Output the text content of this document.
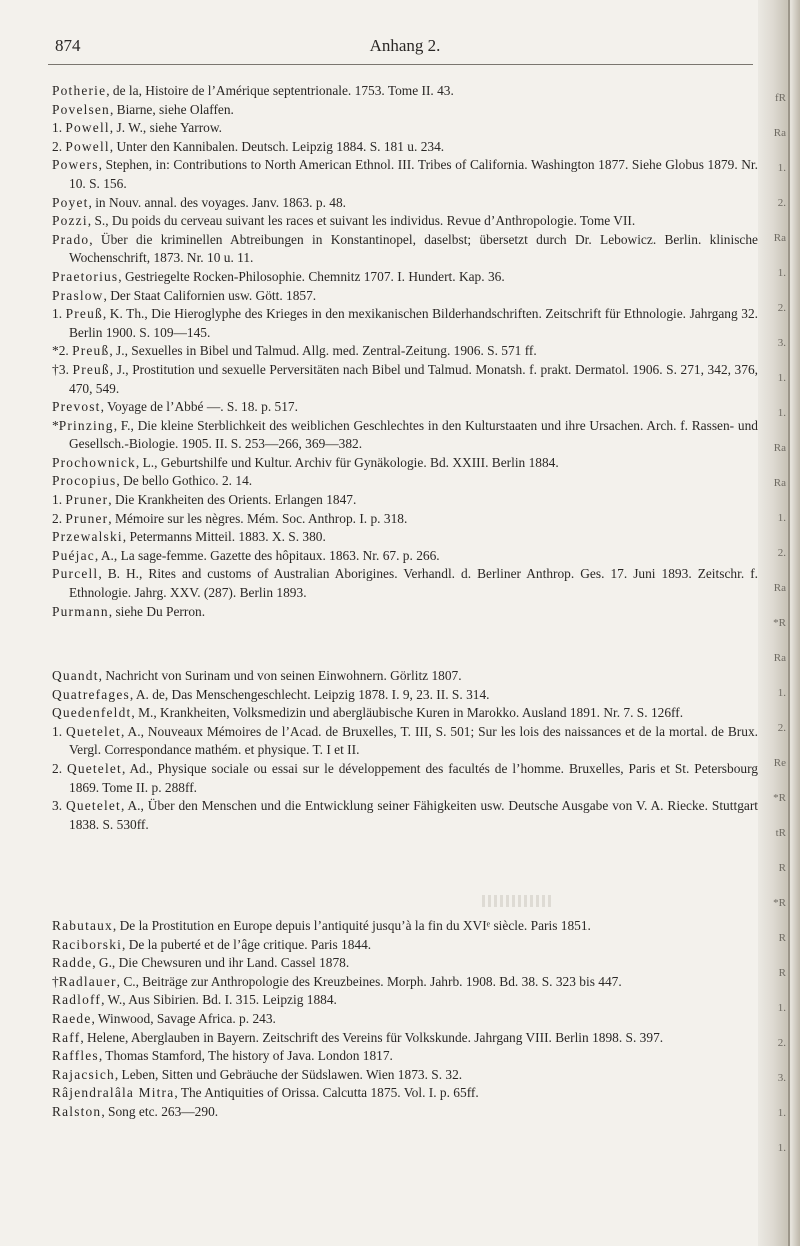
874	Anhang 2.

Potherie, de la, Histoire de l’Amérique septentrionale. 1753. Tome II. 43.

Povelsen, Biarne, siehe Olaffen.

1. Powell, J. W., siehe Yarrow.

2. Powell, Unter den Kannibalen. Deutsch. Leipzig 1884. S. 181 u. 234.

Powers, Stephen, in: Contributions to North American Ethnol. III. Tribes of California. Washington 1877. Siehe Globus 1879. Nr. 10. S. 156.

Poyet, in Nouv. annal. des voyages. Janv. 1863. p. 48.

Pozzi, S., Du poids du cerveau suivant les races et suivant les individus. Revue d’Anthropologie. Tome VII.

Prado, Über die kriminellen Abtreibungen in Konstantinopel, daselbst; übersetzt durch Dr. Lebowicz. Berlin. klinische Wochenschrift, 1873. Nr. 10 u. 11.

Praetorius, Gestriegelte Rocken-Philosophie. Chemnitz 1707. I. Hundert. Kap. 36.

Praslow, Der Staat Californien usw. Gött. 1857.

1. Preuß, K. Th., Die Hieroglyphe des Krieges in den mexikanischen Bilderhandschriften. Zeitschrift für Ethnologie. Jahrgang 32. Berlin 1900. S. 109—145.

*2. Preuß, J., Sexuelles in Bibel und Talmud. Allg. med. Zentral-Zeitung. 1906. S. 571 ff.

†3. Preuß, J., Prostitution und sexuelle Perversitäten nach Bibel und Talmud. Monatsh. f. prakt. Dermatol. 1906. S. 271, 342, 376, 470, 549.

Prevost, Voyage de l’Abbé —. S. 18. p. 517.

*Prinzing, F., Die kleine Sterblichkeit des weiblichen Geschlechtes in den Kulturstaaten und ihre Ursachen. Arch. f. Rassen- und Gesellsch.-Biologie. 1905. II. S. 253—266, 369—382.

Prochownick, L., Geburtshilfe und Kultur. Archiv für Gynäkologie. Bd. XXIII. Berlin 1884.

Procopius, De bello Gothico. 2. 14.

1. Pruner, Die Krankheiten des Orients. Erlangen 1847.

2. Pruner, Mémoire sur les nègres. Mém. Soc. Anthrop. I. p. 318.

Przewalski, Petermanns Mitteil. 1883. X. S. 380.

Puéjac, A., La sage-femme. Gazette des hôpitaux. 1863. Nr. 67. p. 266.

Purcell, B. H., Rites and customs of Australian Aborigines. Verhandl. d. Berliner Anthrop. Ges. 17. Juni 1893. Zeitschr. f. Ethnologie. Jahrg. XXV. (287). Berlin 1893.

Purmann, siehe Du Perron.

Quandt, Nachricht von Surinam und von seinen Einwohnern. Görlitz 1807.

Quatrefages, A. de, Das Menschengeschlecht. Leipzig 1878. I. 9, 23. II. S. 314.

Quedenfeldt, M., Krankheiten, Volksmedizin und abergläubische Kuren in Marokko. Ausland 1891. Nr. 7. S. 126ff.

1. Quetelet, A., Nouveaux Mémoires de l’Acad. de Bruxelles, T. III, S. 501; Sur les lois des naissances et de la mortal. de Brux. Vergl. Correspondance mathém. et physique. T. I et II.

2. Quetelet, Ad., Physique sociale ou essai sur le développement des facultés de l’homme. Bruxelles, Paris et St. Petersbourg 1869. Tome II. p. 288ff.

3. Quetelet, A., Über den Menschen und die Entwicklung seiner Fähigkeiten usw. Deutsche Ausgabe von V. A. Riecke. Stuttgart 1838. S. 530ff.

Rabutaux, De la Prostitution en Europe depuis l’antiquité jusqu’à la fin du XVIᵉ siècle. Paris 1851.

Raciborski, De la puberté et de l’âge critique. Paris 1844.

Radde, G., Die Chewsuren und ihr Land. Cassel 1878.

†Radlauer, C., Beiträge zur Anthropologie des Kreuzbeines. Morph. Jahrb. 1908. Bd. 38. S. 323 bis 447.

Radloff, W., Aus Sibirien. Bd. I. 315. Leipzig 1884.

Raede, Winwood, Savage Africa. p. 243.

Raff, Helene, Aberglauben in Bayern. Zeitschrift des Vereins für Volkskunde. Jahrgang VIII. Berlin 1898. S. 397.

Raffles, Thomas Stamford, The history of Java. London 1817.

Rajacsich, Leben, Sitten und Gebräuche der Südslawen. Wien 1873. S. 32.

Râjendralâla Mitra, The Antiquities of Orissa. Calcutta 1875. Vol. I. p. 65ff.

Ralston, Song etc. 263—290.

fR
Ra
1.
2.
Ra
1.
2.
3.
1.
1.
Ra
Ra
1.
2.
Ra
*R
Ra
1.
2.
Re
*R
tR
R
*R
R
R
1.
2.
3.
1.
1.
